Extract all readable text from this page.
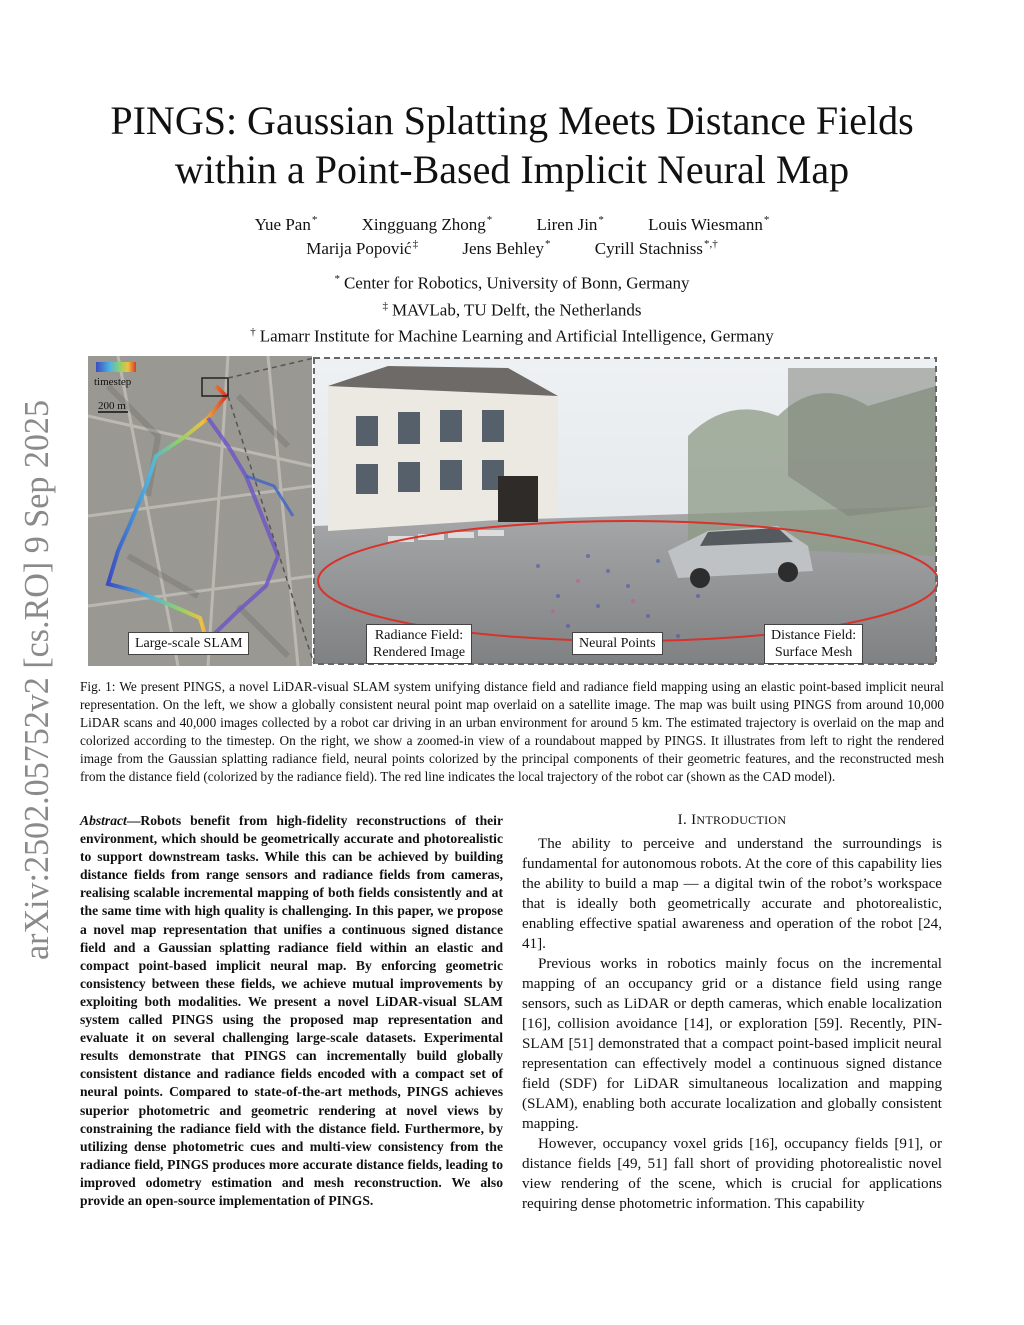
arXiv:2502.05752v2 [cs.RO] 9 Sep 2025
PINGS: Gaussian Splatting Meets Distance Fields
within a Point-Based Implicit Neural Map
Yue Pan*	Xingguang Zhong*	Liren Jin*	Louis Wiesmann*
Marija Popović‡	Jens Behley*	Cyrill Stachniss*,†
* Center for Robotics, University of Bonn, Germany
‡ MAVLab, TU Delft, the Netherlands
† Lamarr Institute for Machine Learning and Artificial Intelligence, Germany
timestep
200 m
Large-scale SLAM
Radiance Field:
Rendered Image
Neural Points
Distance Field:
Surface Mesh
Fig. 1: We present PINGS, a novel LiDAR-visual SLAM system unifying distance field and radiance field mapping using an elastic point-based implicit neural representation. On the left, we show a globally consistent neural point map overlaid on a satellite image. The map was built using PINGS from around 10,000 LiDAR scans and 40,000 images collected by a robot car driving in an urban environment for around 5 km. The estimated trajectory is overlaid on the map and colorized according to the timestep. On the right, we show a zoomed-in view of a roundabout mapped by PINGS. It illustrates from left to right the rendered image from the Gaussian splatting radiance field, neural points colorized by the principal components of their geometric features, and the reconstructed mesh from the distance field (colorized by the radiance field). The red line indicates the local trajectory of the robot car (shown as the CAD model).
Abstract—Robots benefit from high-fidelity reconstructions of their environment, which should be geometrically accurate and photorealistic to support downstream tasks. While this can be achieved by building distance fields from range sensors and radiance fields from cameras, realising scalable incremental mapping of both fields consistently and at the same time with high quality is challenging. In this paper, we propose a novel map representation that unifies a continuous signed distance field and a Gaussian splatting radiance field within an elastic and compact point-based implicit neural map. By enforcing geometric consistency between these fields, we achieve mutual improvements by exploiting both modalities. We present a novel LiDAR-visual SLAM system called PINGS using the proposed map representation and evaluate it on several challenging large-scale datasets. Experimental results demonstrate that PINGS can incrementally build globally consistent distance and radiance fields encoded with a compact set of neural points. Compared to state-of-the-art methods, PINGS achieves superior photometric and geometric rendering at novel views by constraining the radiance field with the distance field. Furthermore, by utilizing dense photometric cues and multi-view consistency from the radiance field, PINGS produces more accurate distance fields, leading to improved odometry estimation and mesh reconstruction. We also provide an open-source implementation of PINGS.
I. INTRODUCTION

The ability to perceive and understand the surroundings is fundamental for autonomous robots. At the core of this capability lies the ability to build a map — a digital twin of the robot’s workspace that is ideally both geometrically accurate and photorealistic, enabling effective spatial awareness and operation of the robot [24, 41].

Previous works in robotics mainly focus on the incremental mapping of an occupancy grid or a distance field using range sensors, such as LiDAR or depth cameras, which enable localization [16], collision avoidance [14], or exploration [59]. Recently, PIN-SLAM [51] demonstrated that a compact point-based implicit neural representation can effectively model a continuous signed distance field (SDF) for LiDAR simultaneous localization and mapping (SLAM), enabling both accurate localization and globally consistent mapping.

However, occupancy voxel grids [16], occupancy fields [91], or distance fields [49, 51] fall short of providing photorealistic novel view rendering of the scene, which is crucial for applications requiring dense photometric information. This capability
